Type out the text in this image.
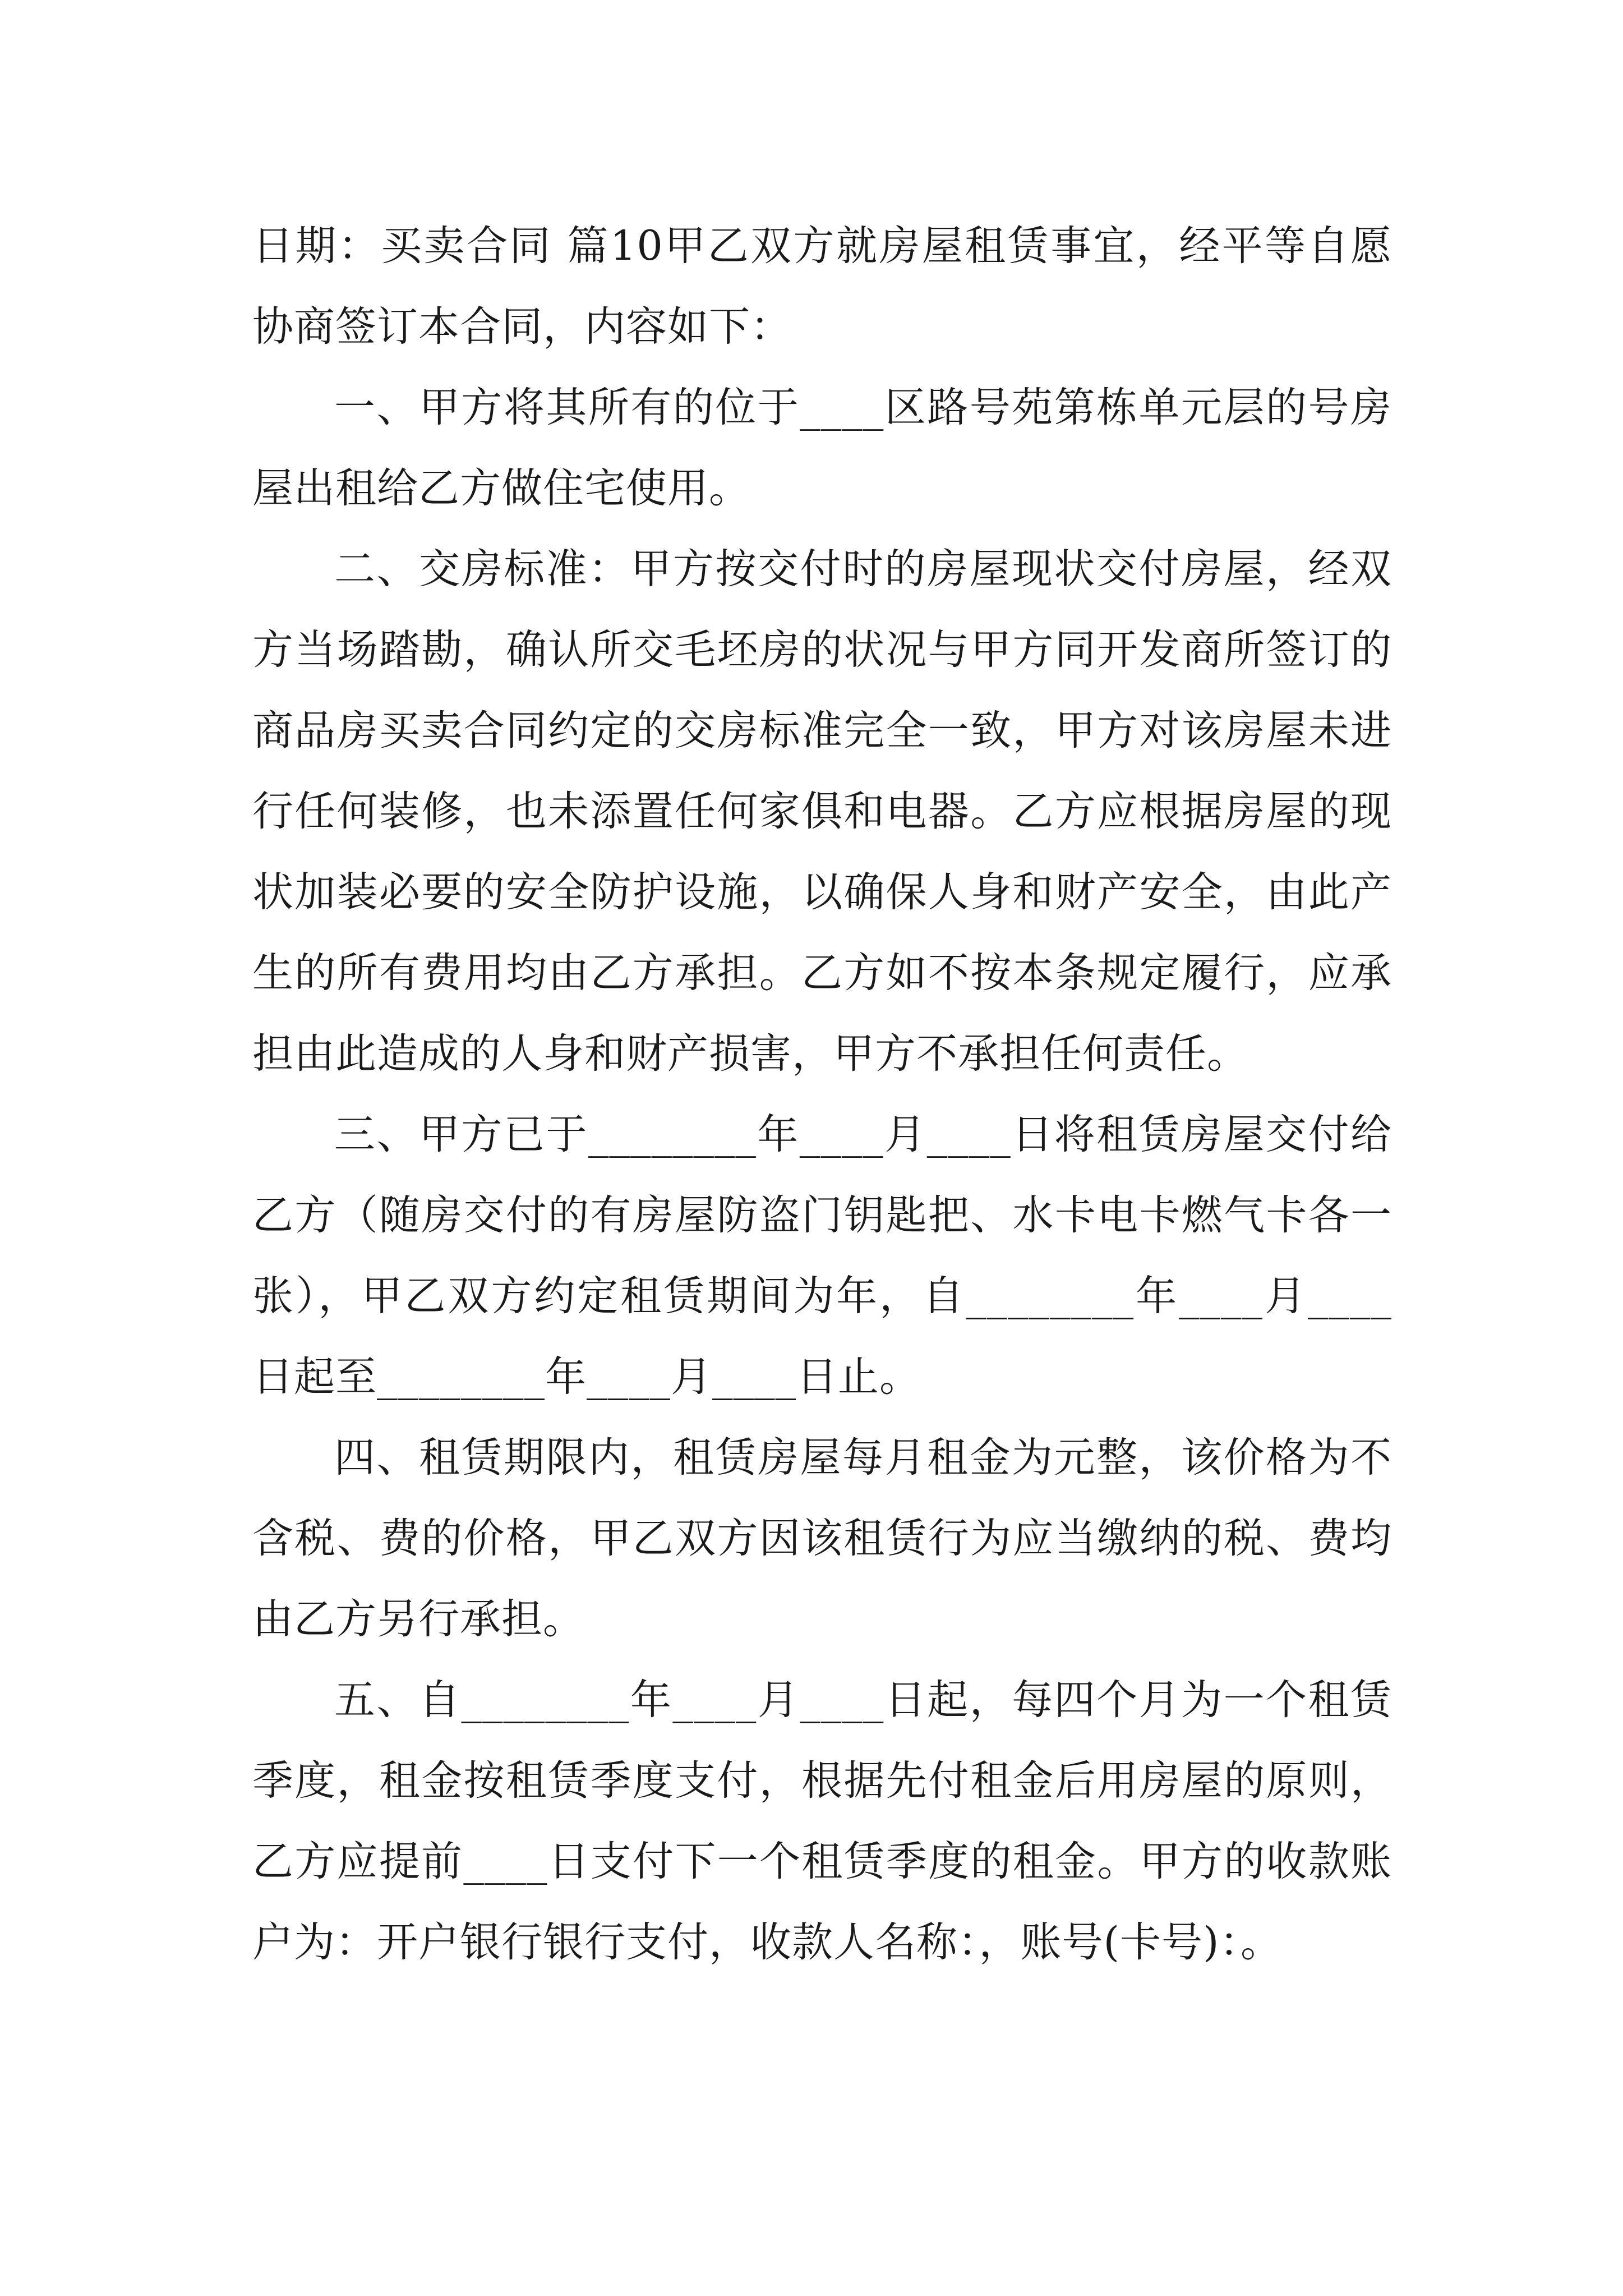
日期：买卖合同 篇10甲乙双方就房屋租赁事宜，经平等自愿协商签订本合同，内容如下：

一、甲方将其所有的位于____区路号苑第栋单元层的号房屋出租给乙方做住宅使用。

二、交房标准：甲方按交付时的房屋现状交付房屋，经双方当场踏勘，确认所交毛坯房的状况与甲方同开发商所签订的商品房买卖合同约定的交房标准完全一致，甲方对该房屋未进行任何装修，也未添置任何家俱和电器。乙方应根据房屋的现状加装必要的安全防护设施，以确保人身和财产安全，由此产生的所有费用均由乙方承担。乙方如不按本条规定履行，应承担由此造成的人身和财产损害，甲方不承担任何责任。

三、甲方已于________年____月____日将租赁房屋交付给乙方（随房交付的有房屋防盗门钥匙把、水卡电卡燃气卡各一张），甲乙双方约定租赁期间为年，自________年____月____日起至________年____月____日止。

四、租赁期限内，租赁房屋每月租金为元整，该价格为不含税、费的价格，甲乙双方因该租赁行为应当缴纳的税、费均由乙方另行承担。

五、自________年____月____日起，每四个月为一个租赁季度，租金按租赁季度支付，根据先付租金后用房屋的原则，乙方应提前____日支付下一个租赁季度的租金。甲方的收款账户为：开户银行银行支付，收款人名称：，账号(卡号)：。
